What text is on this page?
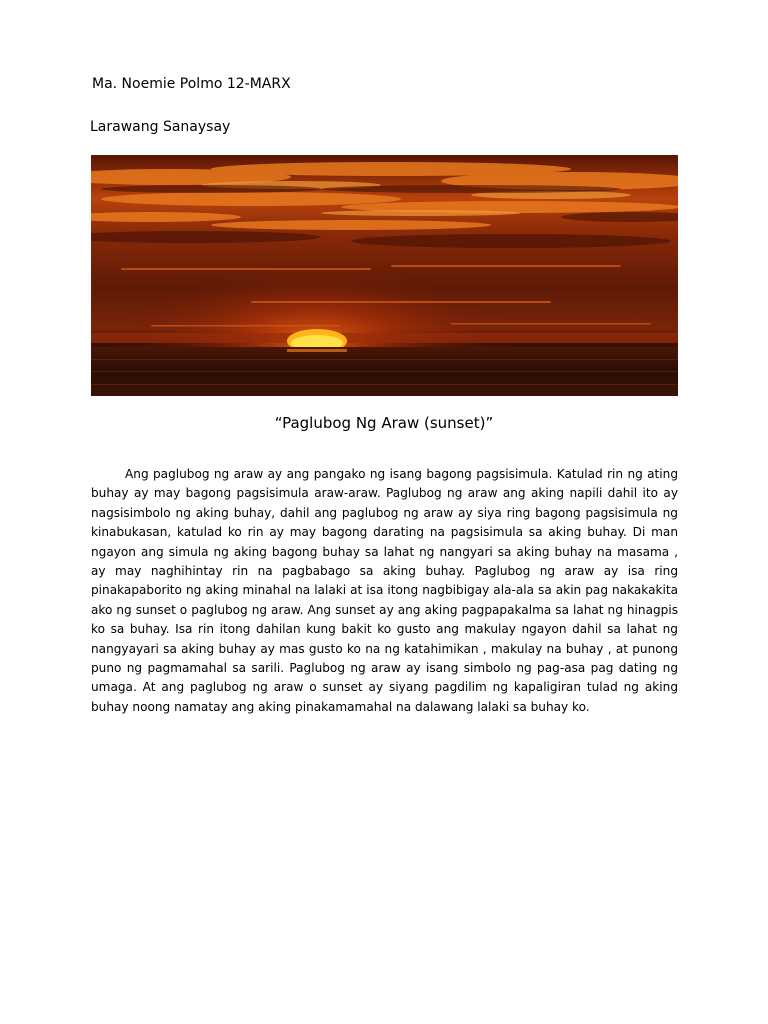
Ma. Noemie Polmo 12-MARX
Larawang Sanaysay
“Paglubog Ng Araw (sunset)”

Ang paglubog ng araw ay ang pangako ng isang bagong pagsisimula. Katulad rin ng ating buhay ay may bagong pagsisimula araw-araw. Paglubog ng araw ang aking napili dahil ito ay nagsisimbolo ng aking buhay, dahil ang paglubog ng araw ay siya ring bagong pagsisimula ng kinabukasan, katulad ko rin ay may bagong darating na pagsisimula sa aking buhay. Di man ngayon ang simula ng aking bagong buhay sa lahat ng nangyari sa aking buhay na masama , ay may naghihintay rin na pagbabago sa aking buhay. Paglubog ng araw ay isa ring pinakapaborito ng aking minahal na lalaki at isa itong nagbibigay ala-ala sa akin pag nakakakita ako ng sunset o paglubog ng araw. Ang sunset ay ang aking pagpapakalma sa lahat ng hinagpis ko sa buhay. Isa rin itong dahilan kung bakit ko gusto ang makulay ngayon dahil sa lahat ng nangyayari sa aking buhay ay mas gusto ko na ng katahimikan , makulay na buhay , at punong puno ng pagmamahal sa sarili. Paglubog ng araw ay isang simbolo ng pag-asa pag dating ng umaga. At ang paglubog ng araw o sunset ay siyang pagdilim ng kapaligiran tulad ng aking buhay noong namatay ang aking pinakamamahal na dalawang lalaki sa buhay ko.
